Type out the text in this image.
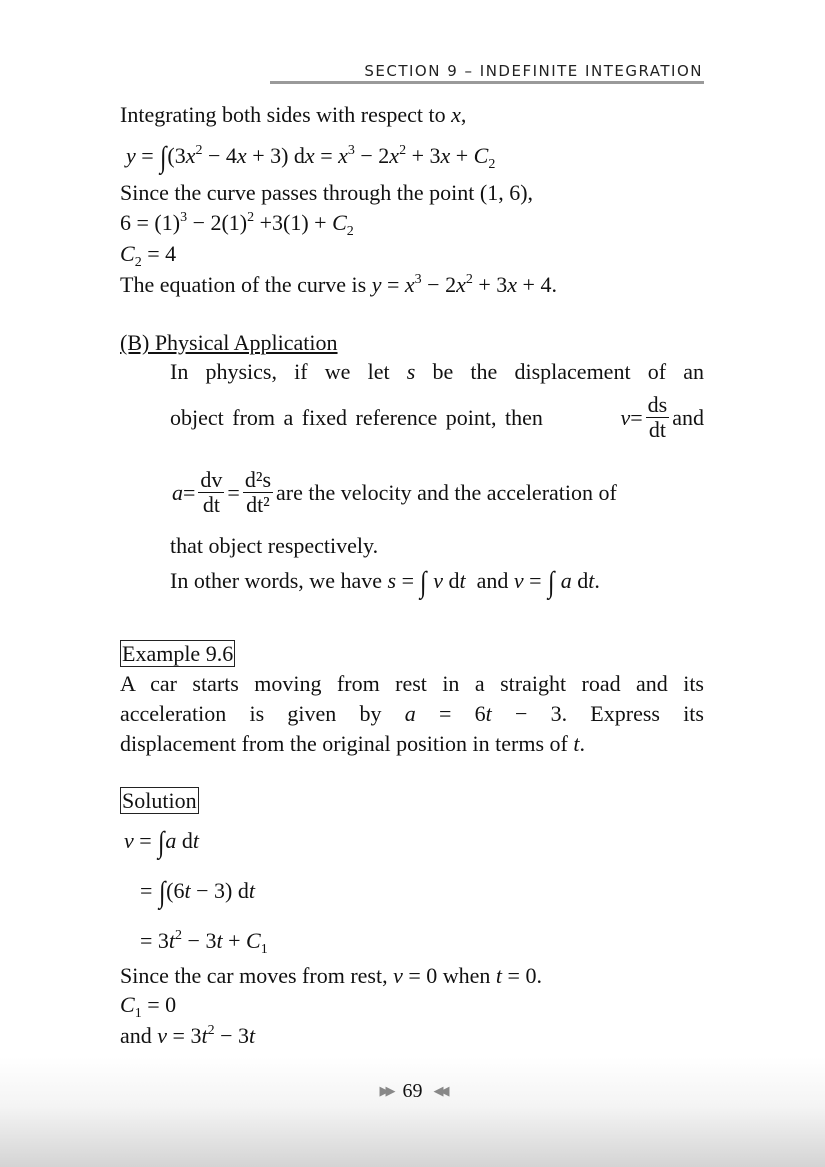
SECTION 9 – INDEFINITE INTEGRATION
Integrating both sides with respect to x,
$y = \int(3x^2 - 4x + 3)$ dx = $x^3 - 2x^2 + 3x + C_2$
Since the curve passes through the point (1, 6),
$6 = (1)^3 - 2(1)^2 +3(1) + C_2$
$C_2 = 4$
The equation of the curve is $y = x^3 - 2x^2 + 3x + 4$.
(B) Physical Application
In physics, if we let s be the displacement of an
object from a fixed reference point, then	$v = \frac{ds}{dt}$ and
$a = \frac{dv}{dt} = \frac{\text{d²s}}{\text{dt²}}$ are the velocity and the acceleration of
that object respectively.
In other words, we have s = ∫ v dt  and v = ∫ a dt.
Example 9.6
A car starts moving from rest in a straight road and its
acceleration is given by a = 6t − 3. Express its
displacement from the original position in terms of t.
Solution
v = ∫a dt
= ∫(6t − 3) dt
= $3t^2 - 3t + C_1$
Since the car moves from rest, v = 0 when t = 0.
$C_1 = 0$
and $v = 3t^2 - 3t$
▶▶ 69 ◀◀
